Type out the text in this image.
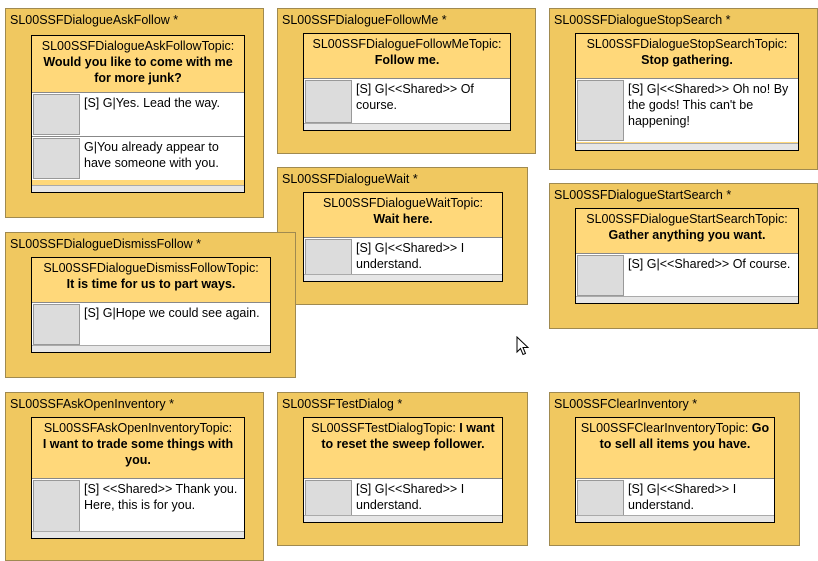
SL00SSFDialogueAskFollow *
SL00SSFDialogueAskFollowTopic: Would you like to come with me for more junk?
[S] G|Yes. Lead the way.
G|You already appear to have someone with you.
SL00SSFDialogueFollowMe *
SL00SSFDialogueFollowMeTopic:
Follow me.
[S] G|<<Shared>> Of course.
SL00SSFDialogueStopSearch *
SL00SSFDialogueStopSearchTopic:
Stop gathering.
[S] G|<<Shared>> Oh no! By the gods! This can't be happening!
SL00SSFDialogueWait *
SL00SSFDialogueWaitTopic:
Wait here.
[S] G|<<Shared>> I understand.
SL00SSFDialogueStartSearch *
SL00SSFDialogueStartSearchTopic:
Gather anything you want.
[S] G|<<Shared>> Of course.
SL00SSFDialogueDismissFollow *
SL00SSFDialogueDismissFollowTopic:
It is time for us to part ways.
[S] G|Hope we could see again.
SL00SSFAskOpenInventory *
SL00SSFAskOpenInventoryTopic:
I want to trade some things with you.
[S] <<Shared>> Thank you. Here, this is for you.
SL00SSFTestDialog *
SL00SSFTestDialogTopic: I want to reset the sweep follower.
[S] G|<<Shared>> I understand.
SL00SSFClearInventory *
SL00SSFClearInventoryTopic: Go to sell all items you have.
[S] G|<<Shared>> I understand.
